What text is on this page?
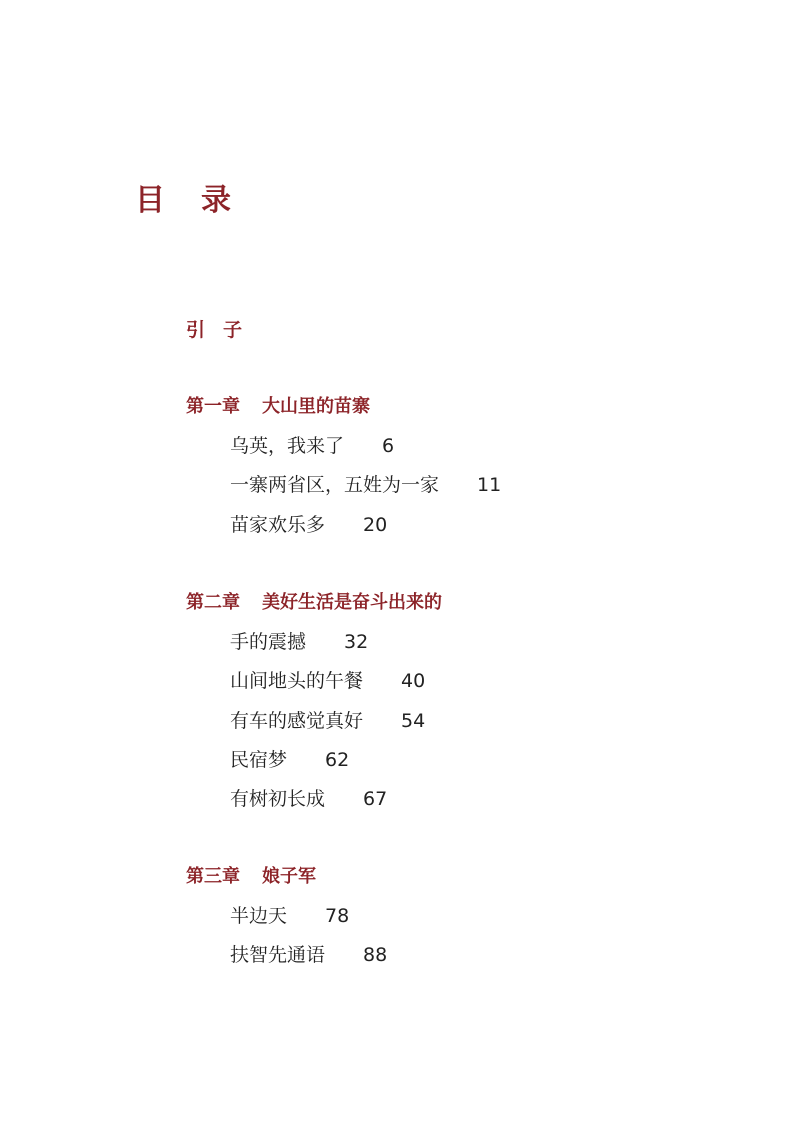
目 录
引 子
第一章 大山里的苗寨
乌英，我来了 6
一寨两省区，五姓为一家 11
苗家欢乐多 20
第二章 美好生活是奋斗出来的
手的震撼 32
山间地头的午餐 40
有车的感觉真好 54
民宿梦 62
有树初长成 67
第三章 娘子军
半边天 78
扶智先通语 88
